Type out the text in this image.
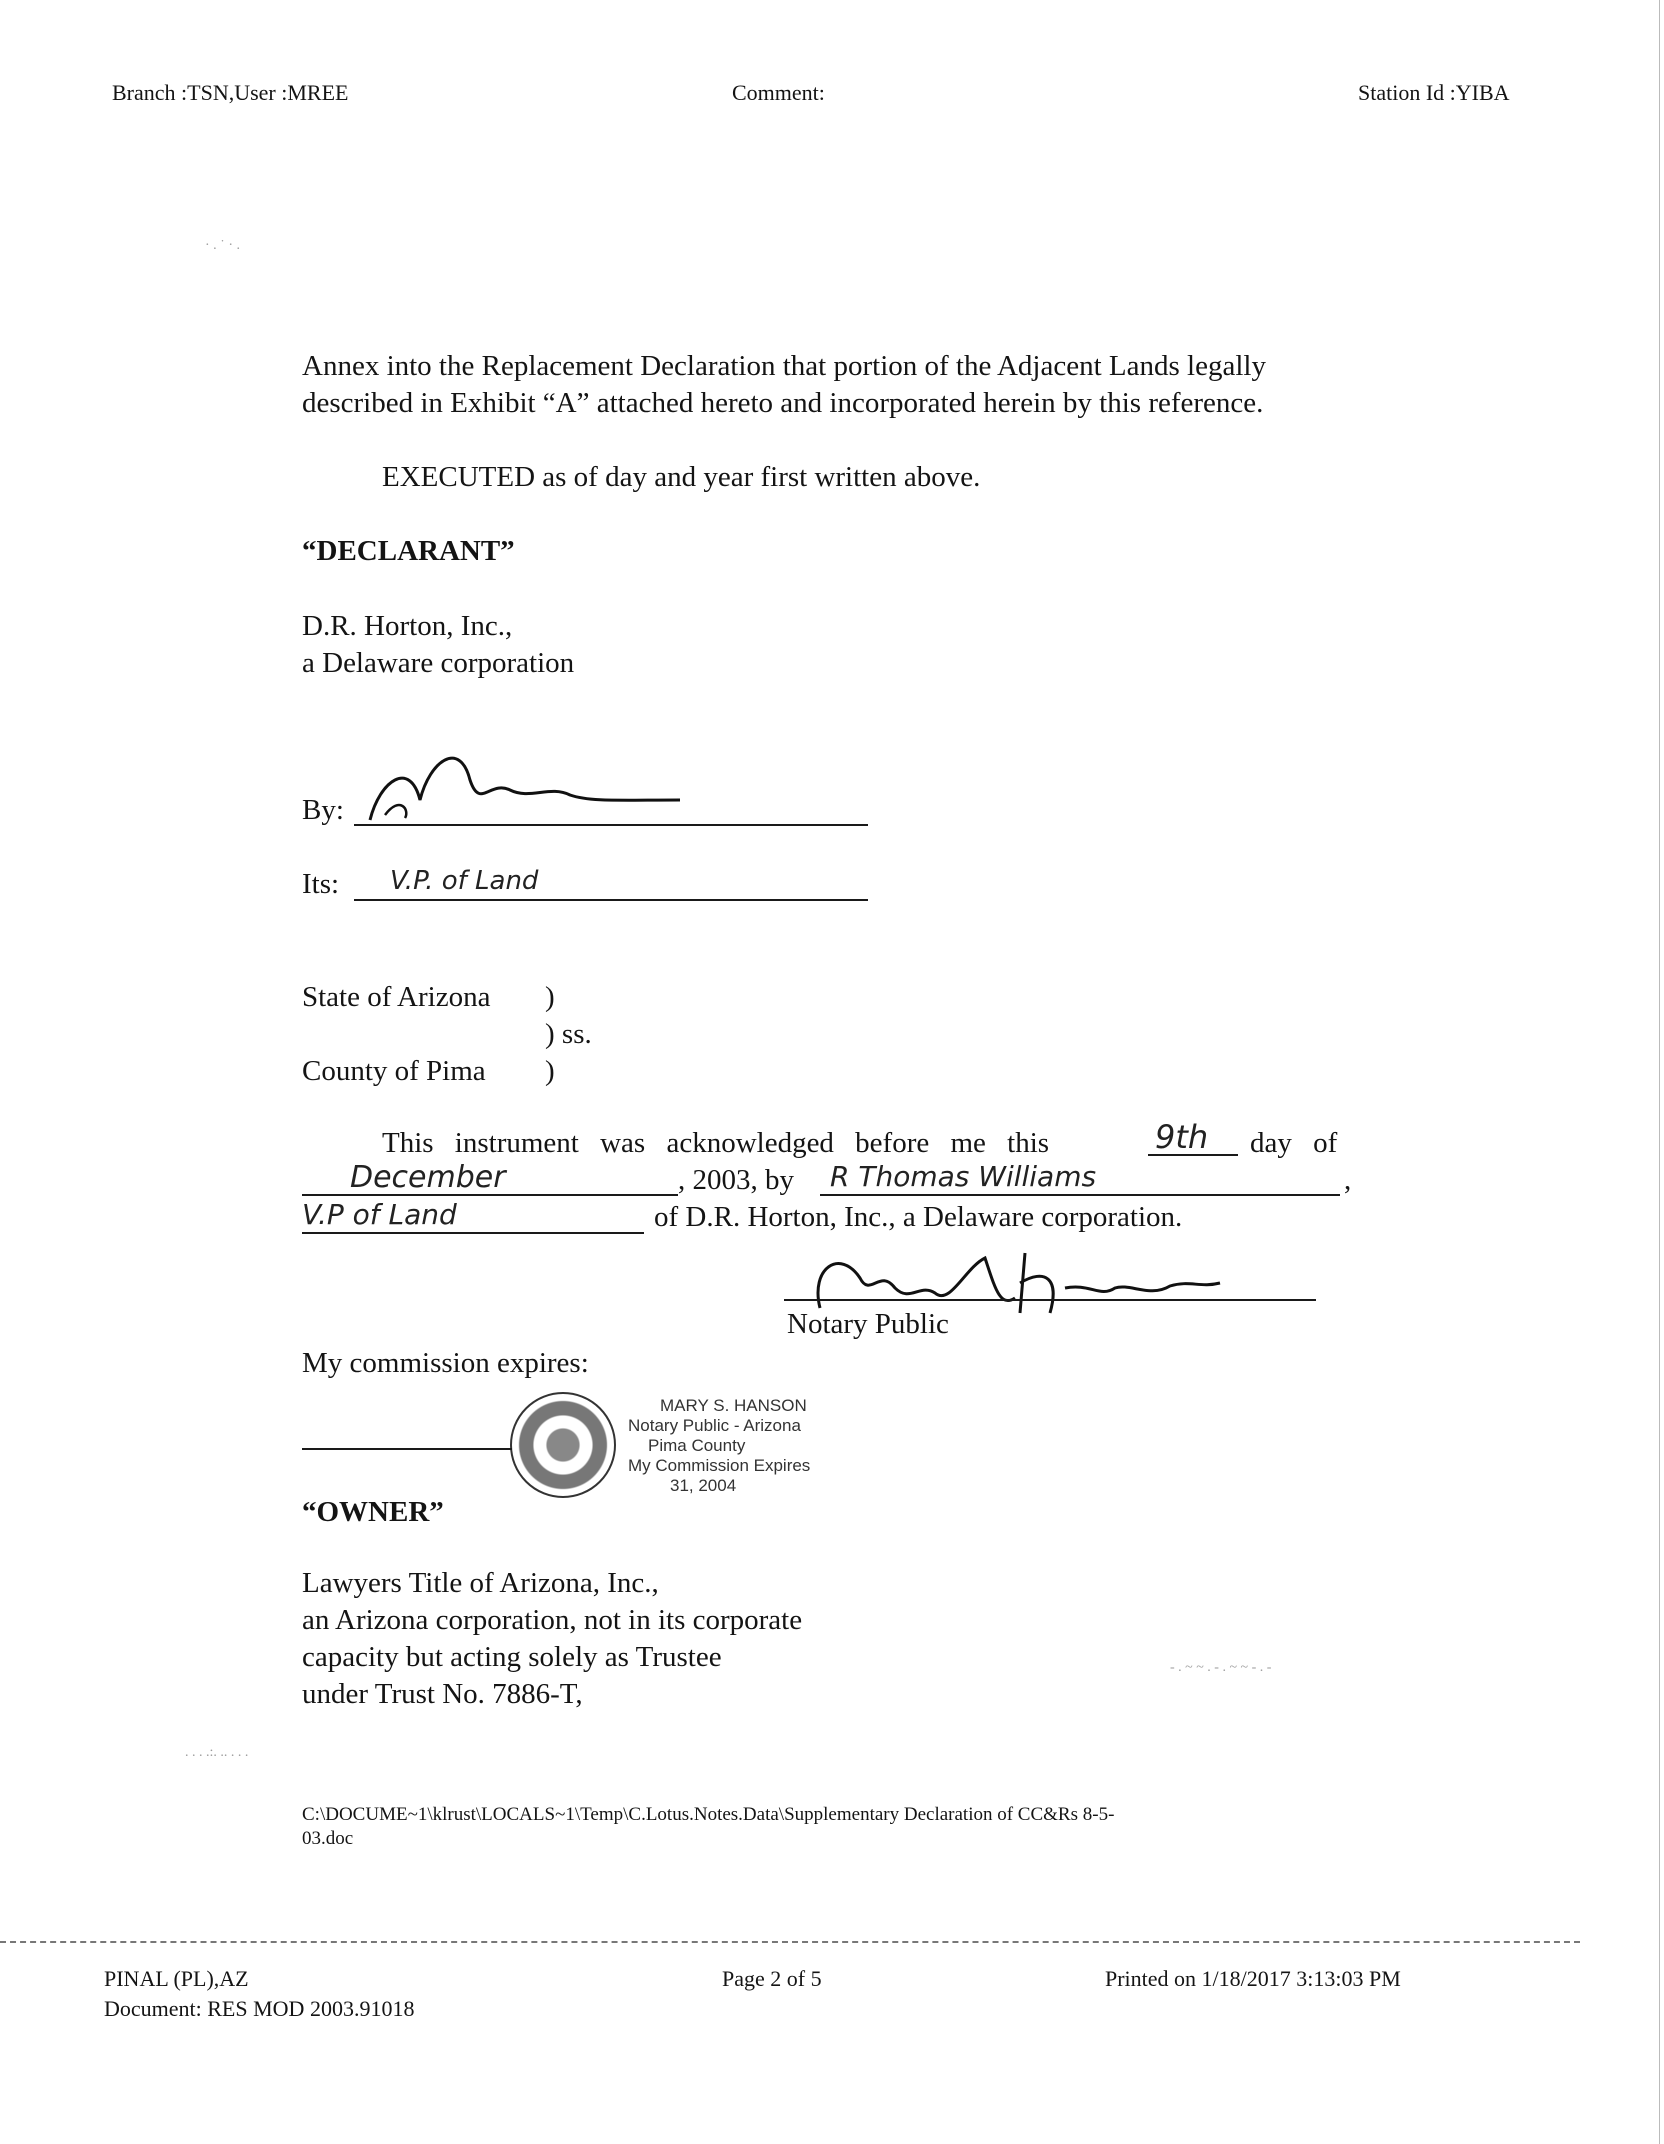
Branch :TSN,User :MREE	Comment:	Station Id :YIBA
· . ˙ · .
Annex into the Replacement Declaration that portion of the Adjacent Lands legally
described in Exhibit “A” attached hereto and incorporated herein by this reference.
EXECUTED as of day and year first written above.
“DECLARANT”
D.R. Horton, Inc.,
a Delaware corporation
By:
Its: V.P. of Land
State of Arizona )
) ss.
County of Pima )
This instrument was acknowledged before me this	9th day of
December	, 2003, by R Thomas Williams	,
V.P of Land	of D.R. Horton, Inc., a Delaware corporation.
Notary Public
My commission expires:
MARY S. HANSON
Notary Public - Arizona
Pima County
My Commission Expires
31, 2004
“OWNER”
Lawyers Title of Arizona, Inc.,
an Arizona corporation, not in its corporate
capacity but acting solely as Trustee
under Trust No. 7886-T,
. . . .:. .. . . .
- . ~ ~ . - . ~ ~ - . -
C:\DOCUME~1\klrust\LOCALS~1\Temp\C.Lotus.Notes.Data\Supplementary Declaration of CC&Rs 8-5-
03.doc
PINAL (PL),AZ
Document: RES MOD 2003.91018
Page 2 of 5	Printed on 1/18/2017 3:13:03 PM
